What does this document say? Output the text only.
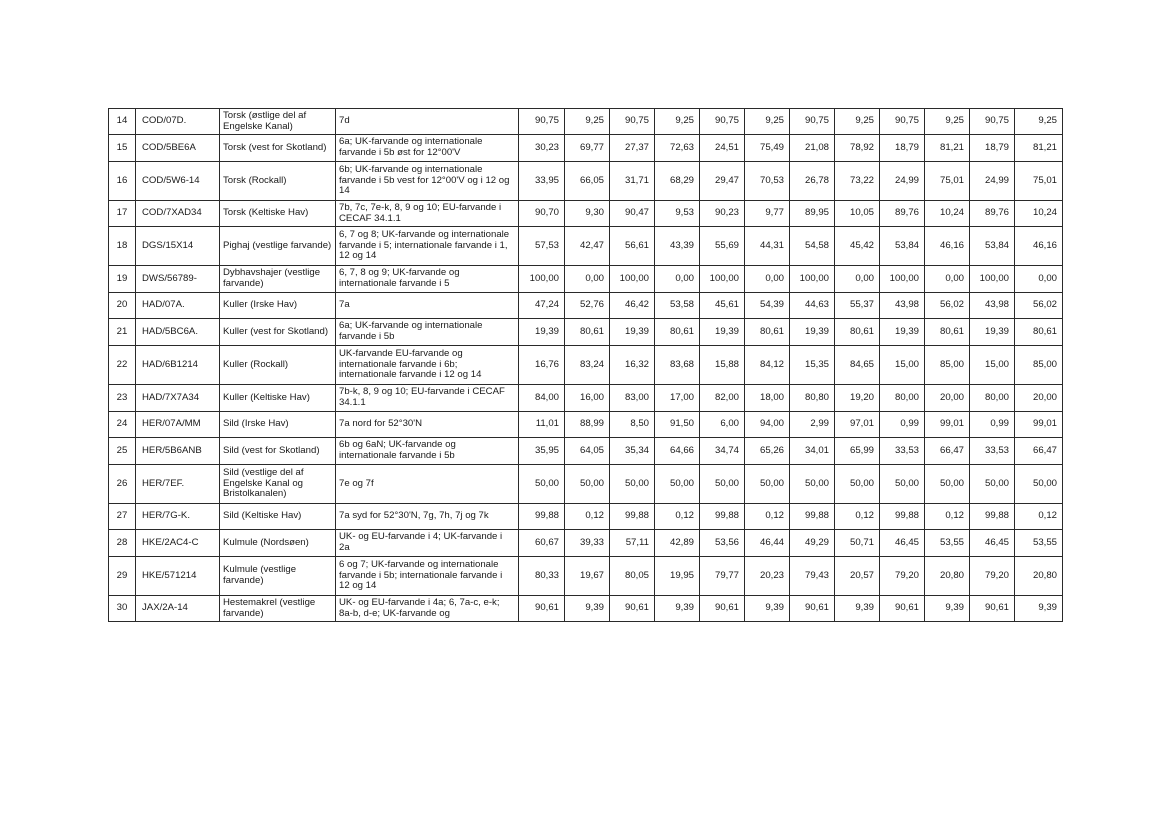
14	COD/07D.	Torsk (østlige del af Engelske Kanal)	7d	90,75	9,25	90,75	9,25	90,75	9,25	90,75	9,25	90,75	9,25	90,75	9,25
15	COD/5BE6A	Torsk (vest for Skotland)	6a; UK-farvande og internationale farvande i 5b øst for 12°00'V	30,23	69,77	27,37	72,63	24,51	75,49	21,08	78,92	18,79	81,21	18,79	81,21
16	COD/5W6-14	Torsk (Rockall)	6b; UK-farvande og internationale farvande i 5b vest for 12°00'V og i 12 og 14	33,95	66,05	31,71	68,29	29,47	70,53	26,78	73,22	24,99	75,01	24,99	75,01
17	COD/7XAD34	Torsk (Keltiske Hav)	7b, 7c, 7e-k, 8, 9 og 10; EU-farvande i CECAF 34.1.1	90,70	9,30	90,47	9,53	90,23	9,77	89,95	10,05	89,76	10,24	89,76	10,24
18	DGS/15X14	Pighaj (vestlige farvande)	6, 7 og 8; UK-farvande og internationale farvande i 5; internationale farvande i 1, 12 og 14	57,53	42,47	56,61	43,39	55,69	44,31	54,58	45,42	53,84	46,16	53,84	46,16
19	DWS/56789-	Dybhavshajer (vestlige farvande)	6, 7, 8 og 9; UK-farvande og internationale farvande i 5	100,00	0,00	100,00	0,00	100,00	0,00	100,00	0,00	100,00	0,00	100,00	0,00
20	HAD/07A.	Kuller (Irske Hav)	7a	47,24	52,76	46,42	53,58	45,61	54,39	44,63	55,37	43,98	56,02	43,98	56,02
21	HAD/5BC6A.	Kuller (vest for Skotland)	6a; UK-farvande og internationale farvande i 5b	19,39	80,61	19,39	80,61	19,39	80,61	19,39	80,61	19,39	80,61	19,39	80,61
22	HAD/6B1214	Kuller (Rockall)	UK-farvande EU-farvande og internationale farvande i 6b; internationale farvande i 12 og 14	16,76	83,24	16,32	83,68	15,88	84,12	15,35	84,65	15,00	85,00	15,00	85,00
23	HAD/7X7A34	Kuller (Keltiske Hav)	7b-k, 8, 9 og 10; EU-farvande i CECAF 34.1.1	84,00	16,00	83,00	17,00	82,00	18,00	80,80	19,20	80,00	20,00	80,00	20,00
24	HER/07A/MM	Sild (Irske Hav)	7a nord for 52°30'N	11,01	88,99	8,50	91,50	6,00	94,00	2,99	97,01	0,99	99,01	0,99	99,01
25	HER/5B6ANB	Sild (vest for Skotland)	6b og 6aN; UK-farvande og internationale farvande i 5b	35,95	64,05	35,34	64,66	34,74	65,26	34,01	65,99	33,53	66,47	33,53	66,47
26	HER/7EF.	Sild (vestlige del af Engelske Kanal og Bristolkanalen)	7e og 7f	50,00	50,00	50,00	50,00	50,00	50,00	50,00	50,00	50,00	50,00	50,00	50,00
27	HER/7G-K.	Sild (Keltiske Hav)	7a syd for 52°30'N, 7g, 7h, 7j og 7k	99,88	0,12	99,88	0,12	99,88	0,12	99,88	0,12	99,88	0,12	99,88	0,12
28	HKE/2AC4-C	Kulmule (Nordsøen)	UK- og EU-farvande i 4; UK-farvande i 2a	60,67	39,33	57,11	42,89	53,56	46,44	49,29	50,71	46,45	53,55	46,45	53,55
29	HKE/571214	Kulmule (vestlige farvande)	6 og 7; UK-farvande og internationale farvande i 5b; internationale farvande i 12 og 14	80,33	19,67	80,05	19,95	79,77	20,23	79,43	20,57	79,20	20,80	79,20	20,80
30	JAX/2A-14	Hestemakrel (vestlige farvande)	UK- og EU-farvande i 4a; 6, 7a-c, e-k; 8a-b, d-e; UK-farvande og	90,61	9,39	90,61	9,39	90,61	9,39	90,61	9,39	90,61	9,39	90,61	9,39
